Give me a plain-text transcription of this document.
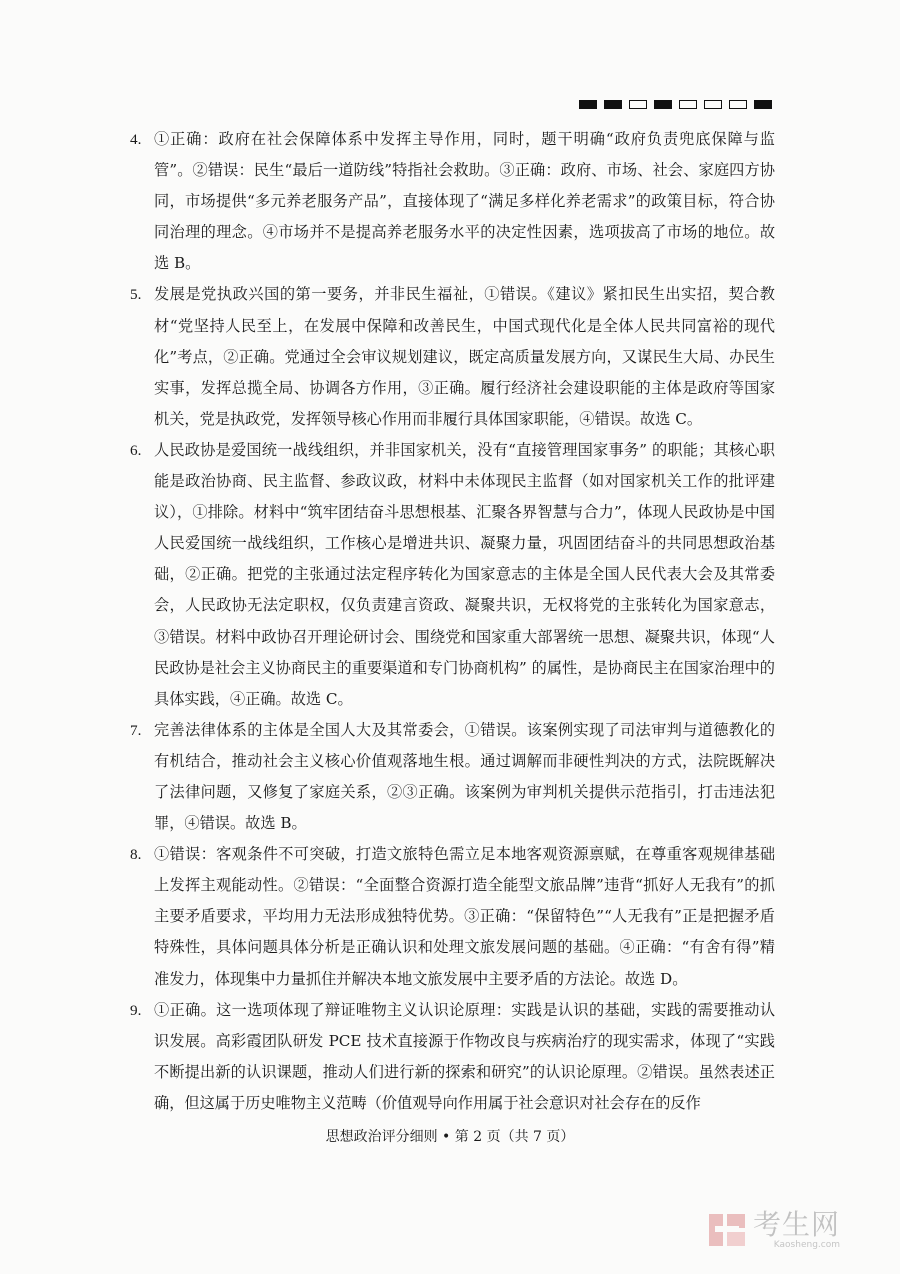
4. ①正确：政府在社会保障体系中发挥主导作用，同时，题干明确“政府负责兜底保障与监管”。②错误：民生“最后一道防线”特指社会救助。③正确：政府、市场、社会、家庭四方协同，市场提供“多元养老服务产品”，直接体现了“满足多样化养老需求”的政策目标，符合协同治理的理念。④市场并不是提高养老服务水平的决定性因素，选项拔高了市场的地位。故选 B。
5. 发展是党执政兴国的第一要务，并非民生福祉，①错误。《建议》紧扣民生出实招，契合教材“党坚持人民至上，在发展中保障和改善民生，中国式现代化是全体人民共同富裕的现代化”考点，②正确。党通过全会审议规划建议，既定高质量发展方向，又谋民生大局、办民生实事，发挥总揽全局、协调各方作用，③正确。履行经济社会建设职能的主体是政府等国家机关，党是执政党，发挥领导核心作用而非履行具体国家职能，④错误。故选 C。
6. 人民政协是爱国统一战线组织，并非国家机关，没有“直接管理国家事务” 的职能；其核心职能是政治协商、民主监督、参政议政，材料中未体现民主监督（如对国家机关工作的批评建议），①排除。材料中“筑牢团结奋斗思想根基、汇聚各界智慧与合力”，体现人民政协是中国人民爱国统一战线组织，工作核心是增进共识、凝聚力量，巩固团结奋斗的共同思想政治基础，②正确。把党的主张通过法定程序转化为国家意志的主体是全国人民代表大会及其常委会，人民政协无法定职权，仅负责建言资政、凝聚共识，无权将党的主张转化为国家意志，③错误。材料中政协召开理论研讨会、围绕党和国家重大部署统一思想、凝聚共识，体现“人民政协是社会主义协商民主的重要渠道和专门协商机构” 的属性，是协商民主在国家治理中的具体实践，④正确。故选 C。
7. 完善法律体系的主体是全国人大及其常委会，①错误。该案例实现了司法审判与道德教化的有机结合，推动社会主义核心价值观落地生根。通过调解而非硬性判决的方式，法院既解决了法律问题，又修复了家庭关系，②③正确。该案例为审判机关提供示范指引，打击违法犯罪，④错误。故选 B。
8. ①错误：客观条件不可突破，打造文旅特色需立足本地客观资源禀赋，在尊重客观规律基础上发挥主观能动性。②错误：“全面整合资源打造全能型文旅品牌”违背“抓好人无我有”的抓主要矛盾要求，平均用力无法形成独特优势。③正确：“保留特色”“人无我有”正是把握矛盾特殊性，具体问题具体分析是正确认识和处理文旅发展问题的基础。④正确：“有舍有得”精准发力，体现集中力量抓住并解决本地文旅发展中主要矛盾的方法论。故选 D。
9. ①正确。这一选项体现了辩证唯物主义认识论原理：实践是认识的基础，实践的需要推动认识发展。高彩霞团队研发 PCE 技术直接源于作物改良与疾病治疗的现实需求，体现了“实践不断提出新的认识课题，推动人们进行新的探索和研究”的认识论原理。②错误。虽然表述正确，但这属于历史唯物主义范畴（价值观导向作用属于社会意识对社会存在的反作
思想政治评分细则 • 第 2 页（共 7 页）
考生网
Kaosheng.com
